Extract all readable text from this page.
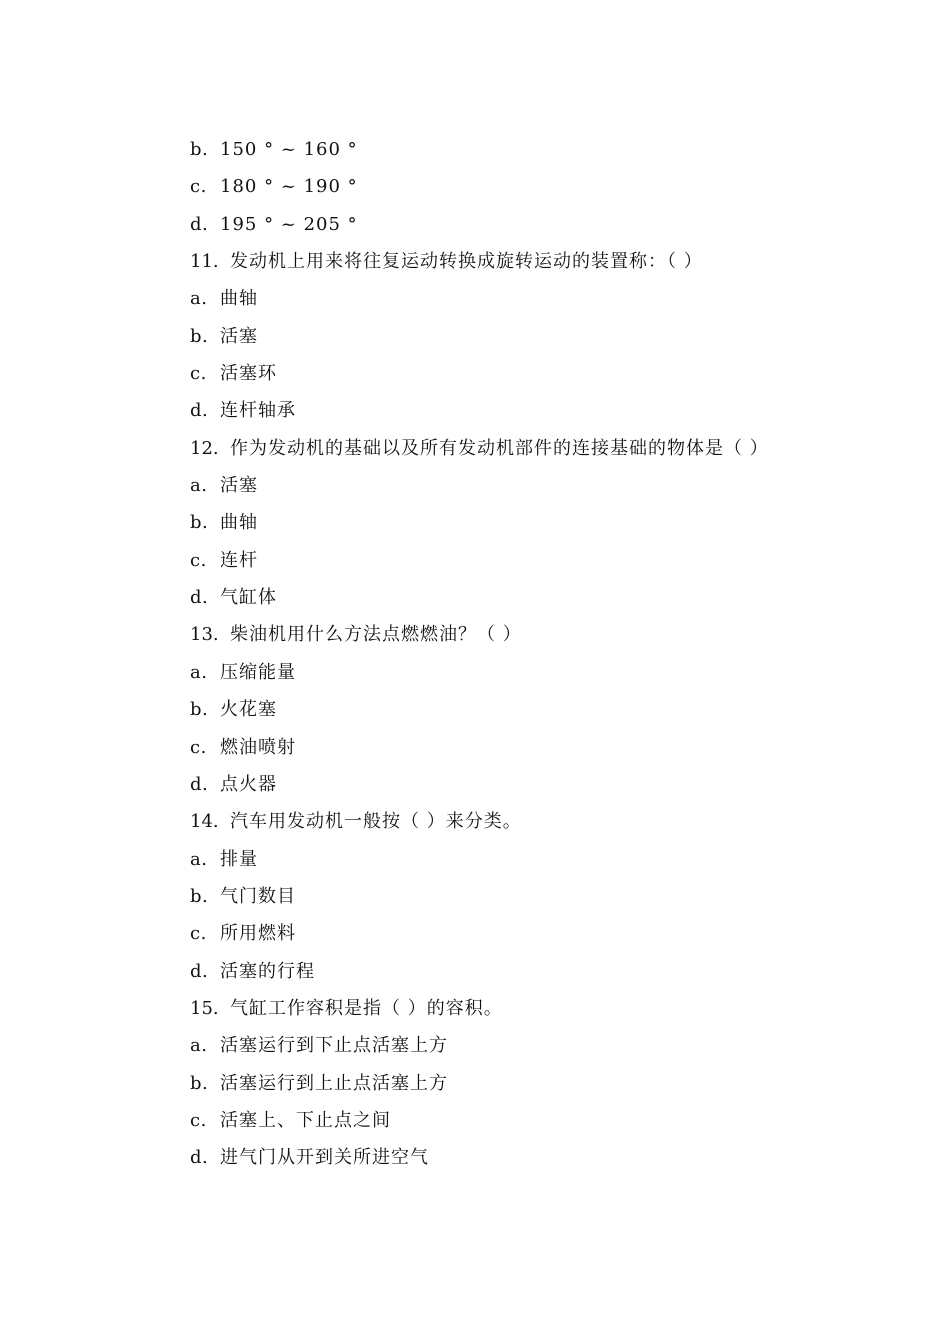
b. 150 ° ~ 160 °
c. 180 ° ~ 190 °
d. 195 ° ~ 205 °
11. 发动机上用来将往复运动转换成旋转运动的装置称：（ ）
a. 曲轴
b. 活塞
c. 活塞环
d. 连杆轴承
12. 作为发动机的基础以及所有发动机部件的连接基础的物体是（ ）
a. 活塞
b. 曲轴
c. 连杆
d. 气缸体
13. 柴油机用什么方法点燃燃油？（ ）
a. 压缩能量
b. 火花塞
c. 燃油喷射
d. 点火器
14. 汽车用发动机一般按（ ）来分类。
a. 排量
b. 气门数目
c. 所用燃料
d. 活塞的行程
15. 气缸工作容积是指（ ）的容积。
a. 活塞运行到下止点活塞上方
b. 活塞运行到上止点活塞上方
c. 活塞上、下止点之间
d. 进气门从开到关所进空气
